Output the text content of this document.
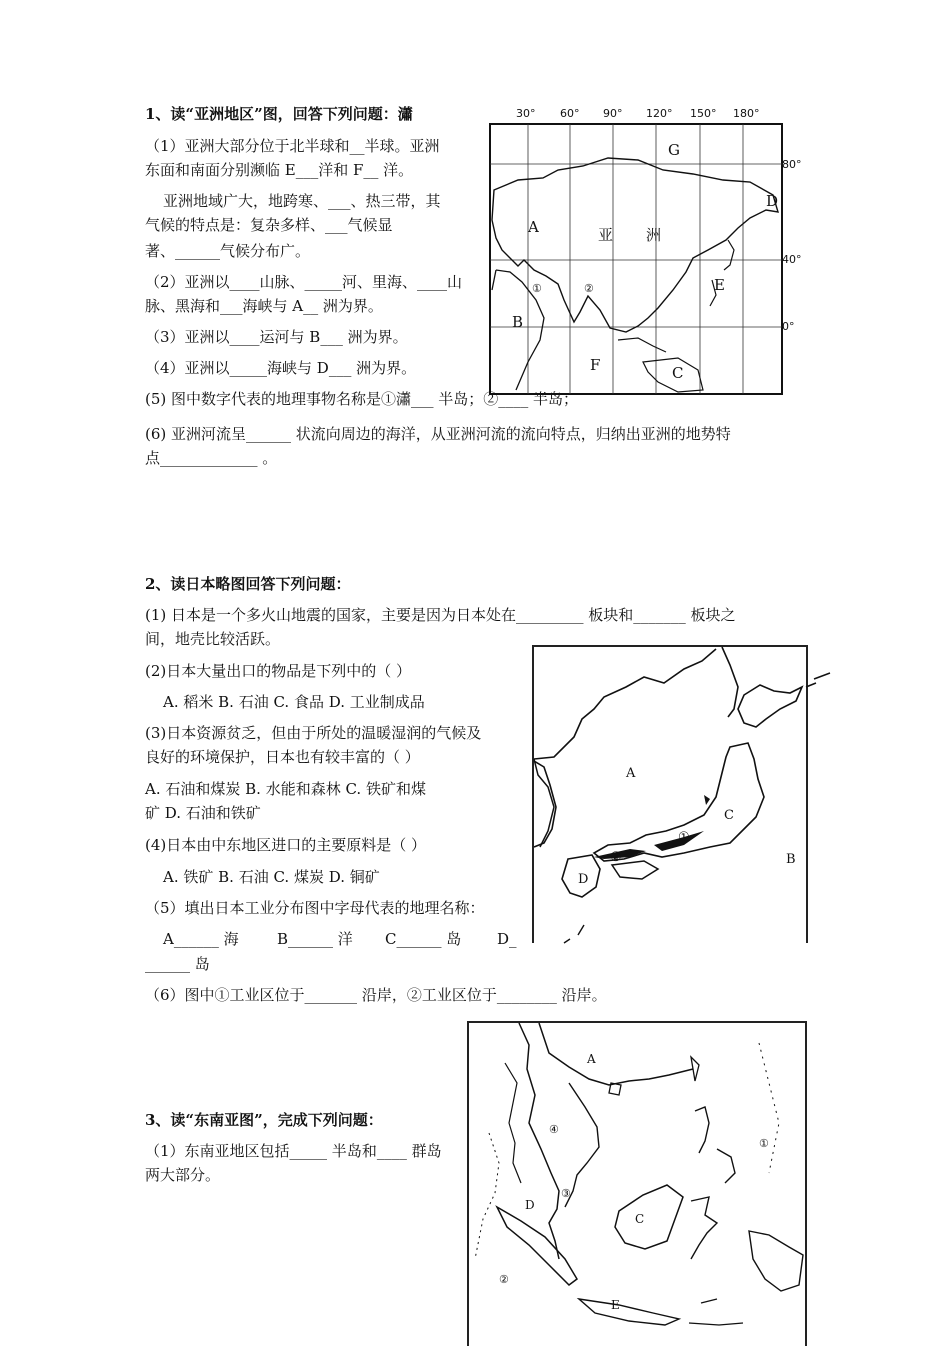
1、读“亚洲地区”图，回答下列问题：瀟
（1）亚洲大部分位于北半球和__半球。亚洲
东面和南面分别濒临 E___洋和 F__ 洋。
亚洲地域广大，地跨寒、___、热三带，其
气候的特点是：复杂多样、___气候显
著、______气候分布广。
（2）亚洲以____山脉、_____河、里海、____山
脉、黑海和___海峡与 A__ 洲为界。
（3）亚洲以____运河与 B___ 洲为界。
（4）亚洲以_____海峡与 D___ 洲为界。
(5) 图中数字代表的地理事物名称是①瀟___ 半岛；②____ 半岛；
(6) 亚洲河流呈______ 状流向周边的海洋，从亚洲河流的流向特点，归纳出亚洲的地势特
点_____________ 。
30° 60° 90° 120° 150° 180°
80°
40°
0°
G
A	亚 洲
D
E
B
F	C
①	②
2、读日本略图回答下列问题：
(1) 日本是一个多火山地震的国家，主要是因为日本处在_________ 板块和_______ 板块之
间，地壳比较活跃。
(2)日本大量出口的物品是下列中的（ ）
A. 稻米 B. 石油 C. 食品 D. 工业制成品
(3)日本资源贫乏，但由于所处的温暖湿润的气候及
良好的环境保护，日本也有较丰富的（ ）
A. 石油和煤炭 B. 水能和森林 C. 铁矿和煤
矿 D. 石油和铁矿
(4)日本由中东地区进口的主要原料是（ ）
A. 铁矿 B. 石油 C. 煤炭 D. 铜矿
（5）填出日本工业分布图中字母代表的地理名称：
A______ 海	B______ 洋 C______ 岛 D_
______ 岛
（6）图中①工业区位于_______ 沿岸，②工业区位于________ 沿岸。
A
C
B
D
①
②
3、读“东南亚图”，完成下列问题：
（1）东南亚地区包括_____ 半岛和____ 群岛
两大部分。
A
D
C
E
④
③
①
②
